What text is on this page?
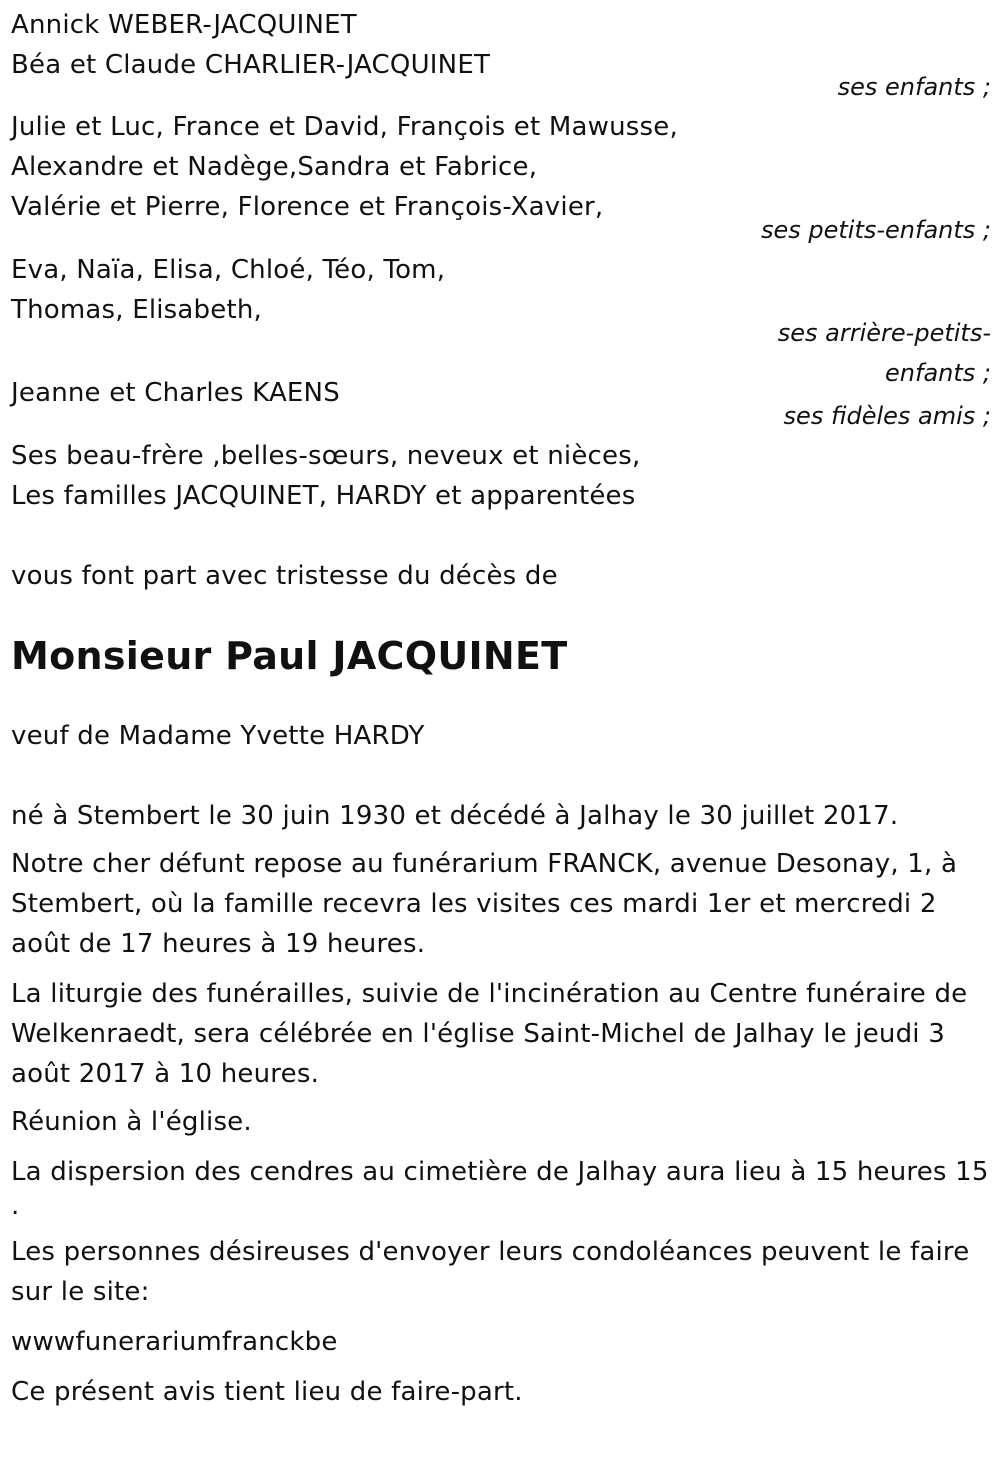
Annick WEBER-JACQUINET
Béa et Claude CHARLIER-JACQUINET
ses enfants ;
Julie et Luc, France et David, François et Mawusse,
Alexandre et Nadège,Sandra et Fabrice,
Valérie et Pierre, Florence et François-Xavier,
ses petits-enfants ;
Eva, Naïa, Elisa, Chloé, Téo, Tom,
Thomas, Elisabeth,
ses arrière-petits-
enfants ;
Jeanne et Charles KAENS
ses fidèles amis ;
Ses beau-frère ,belles-sœurs, neveux et nièces,
Les familles JACQUINET, HARDY et apparentées
vous font part avec tristesse du décès de
Monsieur Paul JACQUINET
veuf de Madame Yvette HARDY
né à Stembert le 30 juin 1930 et décédé à Jalhay le 30 juillet 2017.
Notre cher défunt repose au funérarium FRANCK, avenue Desonay, 1, à
Stembert, où la famille recevra les visites ces mardi 1er et mercredi 2
août de 17 heures à 19 heures.
La liturgie des funérailles, suivie de l'incinération au Centre funéraire de
Welkenraedt, sera célébrée en l'église Saint-Michel de Jalhay le jeudi 3
août 2017 à 10 heures.
Réunion à l'église.
La dispersion des cendres au cimetière de Jalhay aura lieu à 15 heures 15
.
Les personnes désireuses d'envoyer leurs condoléances peuvent le faire
sur le site:
wwwfunerariumfranckbe
Ce présent avis tient lieu de faire-part.
